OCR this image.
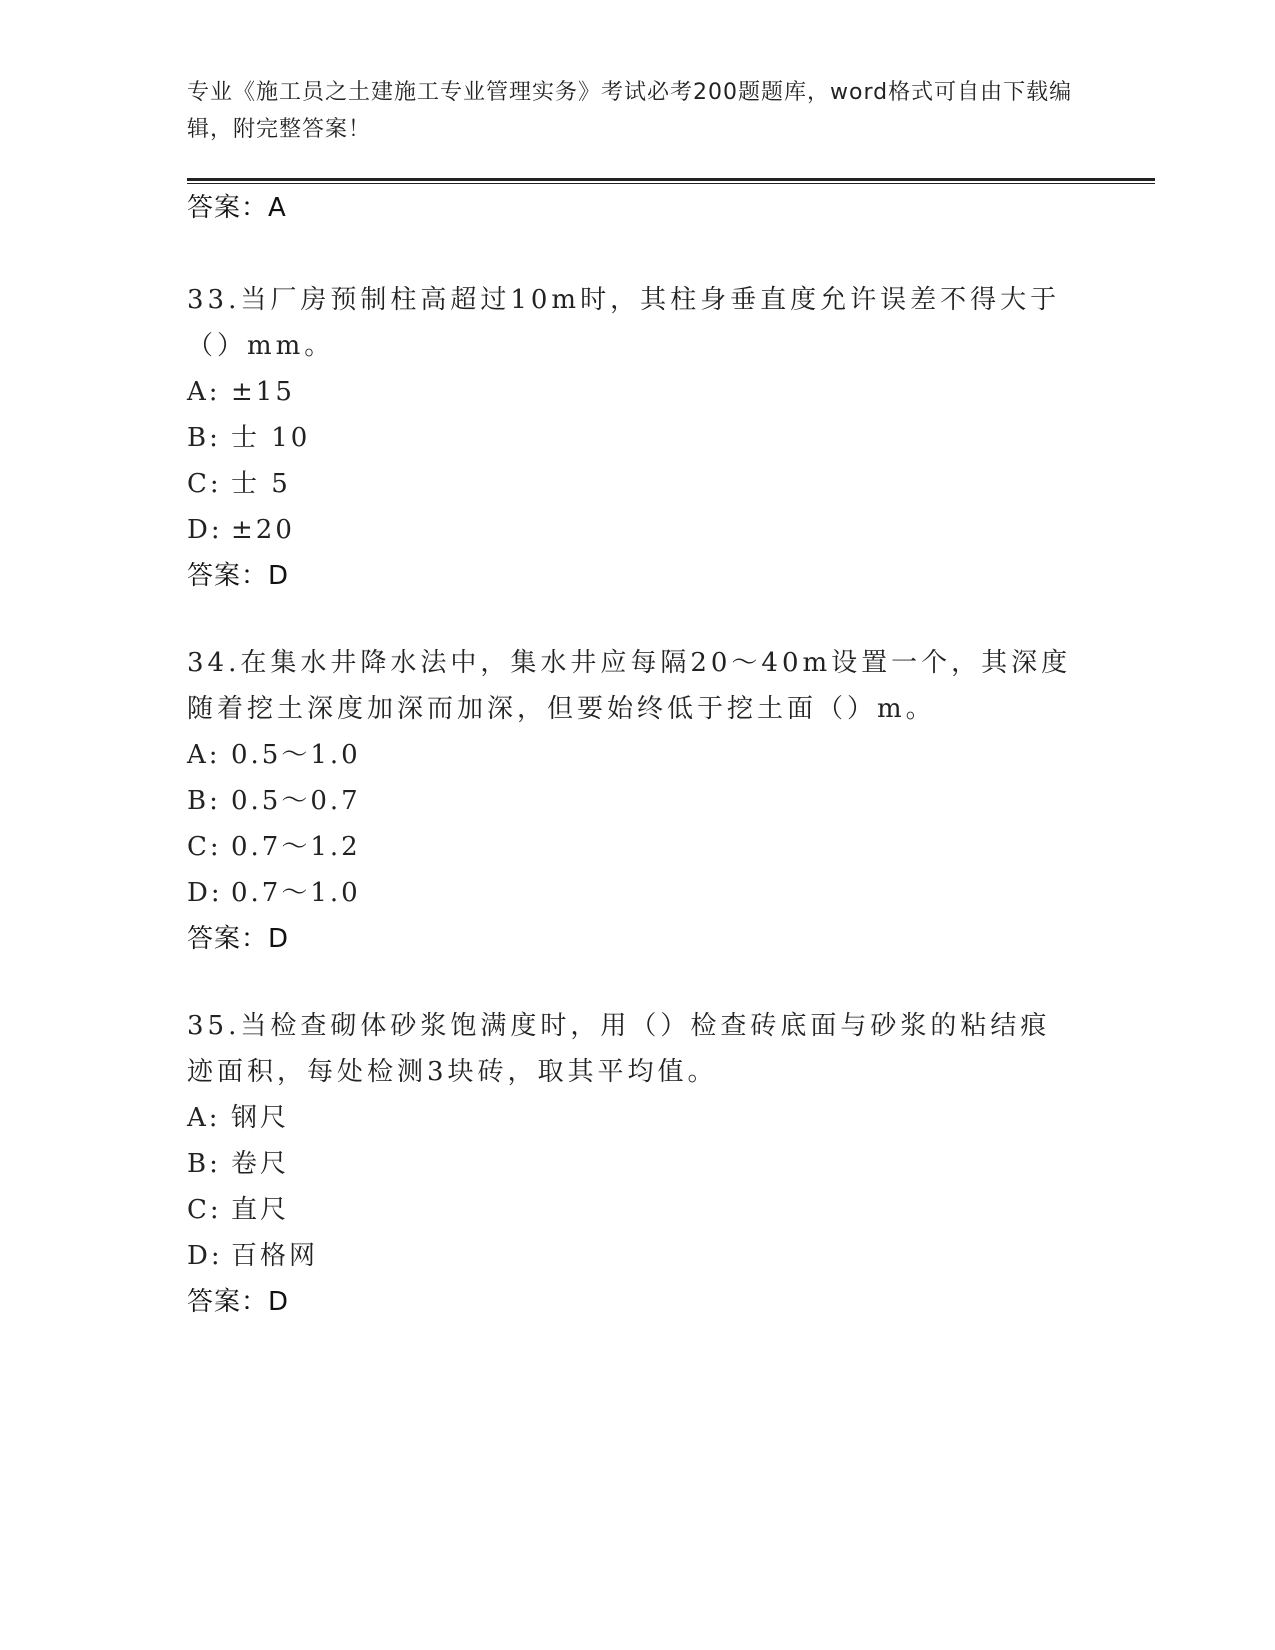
专业《施工员之土建施工专业管理实务》考试必考200题题库，word格式可自由下载编辑，附完整答案！
答案：A
33.当厂房预制柱高超过10m时，其柱身垂直度允许误差不得大于（）mm。
A: ±15
B: 士 10
C: 士 5
D: ±20
答案：D
34.在集水井降水法中，集水井应每隔20～40m设置一个，其深度随着挖土深度加深而加深，但要始终低于挖土面（）m。
A: 0.5～1.0
B: 0.5～0.7
C: 0.7～1.2
D: 0.7～1.0
答案：D
35.当检查砌体砂浆饱满度时，用（）检查砖底面与砂浆的粘结痕迹面积，每处检测3块砖，取其平均值。
A: 钢尺
B: 卷尺
C: 直尺
D: 百格网
答案：D
